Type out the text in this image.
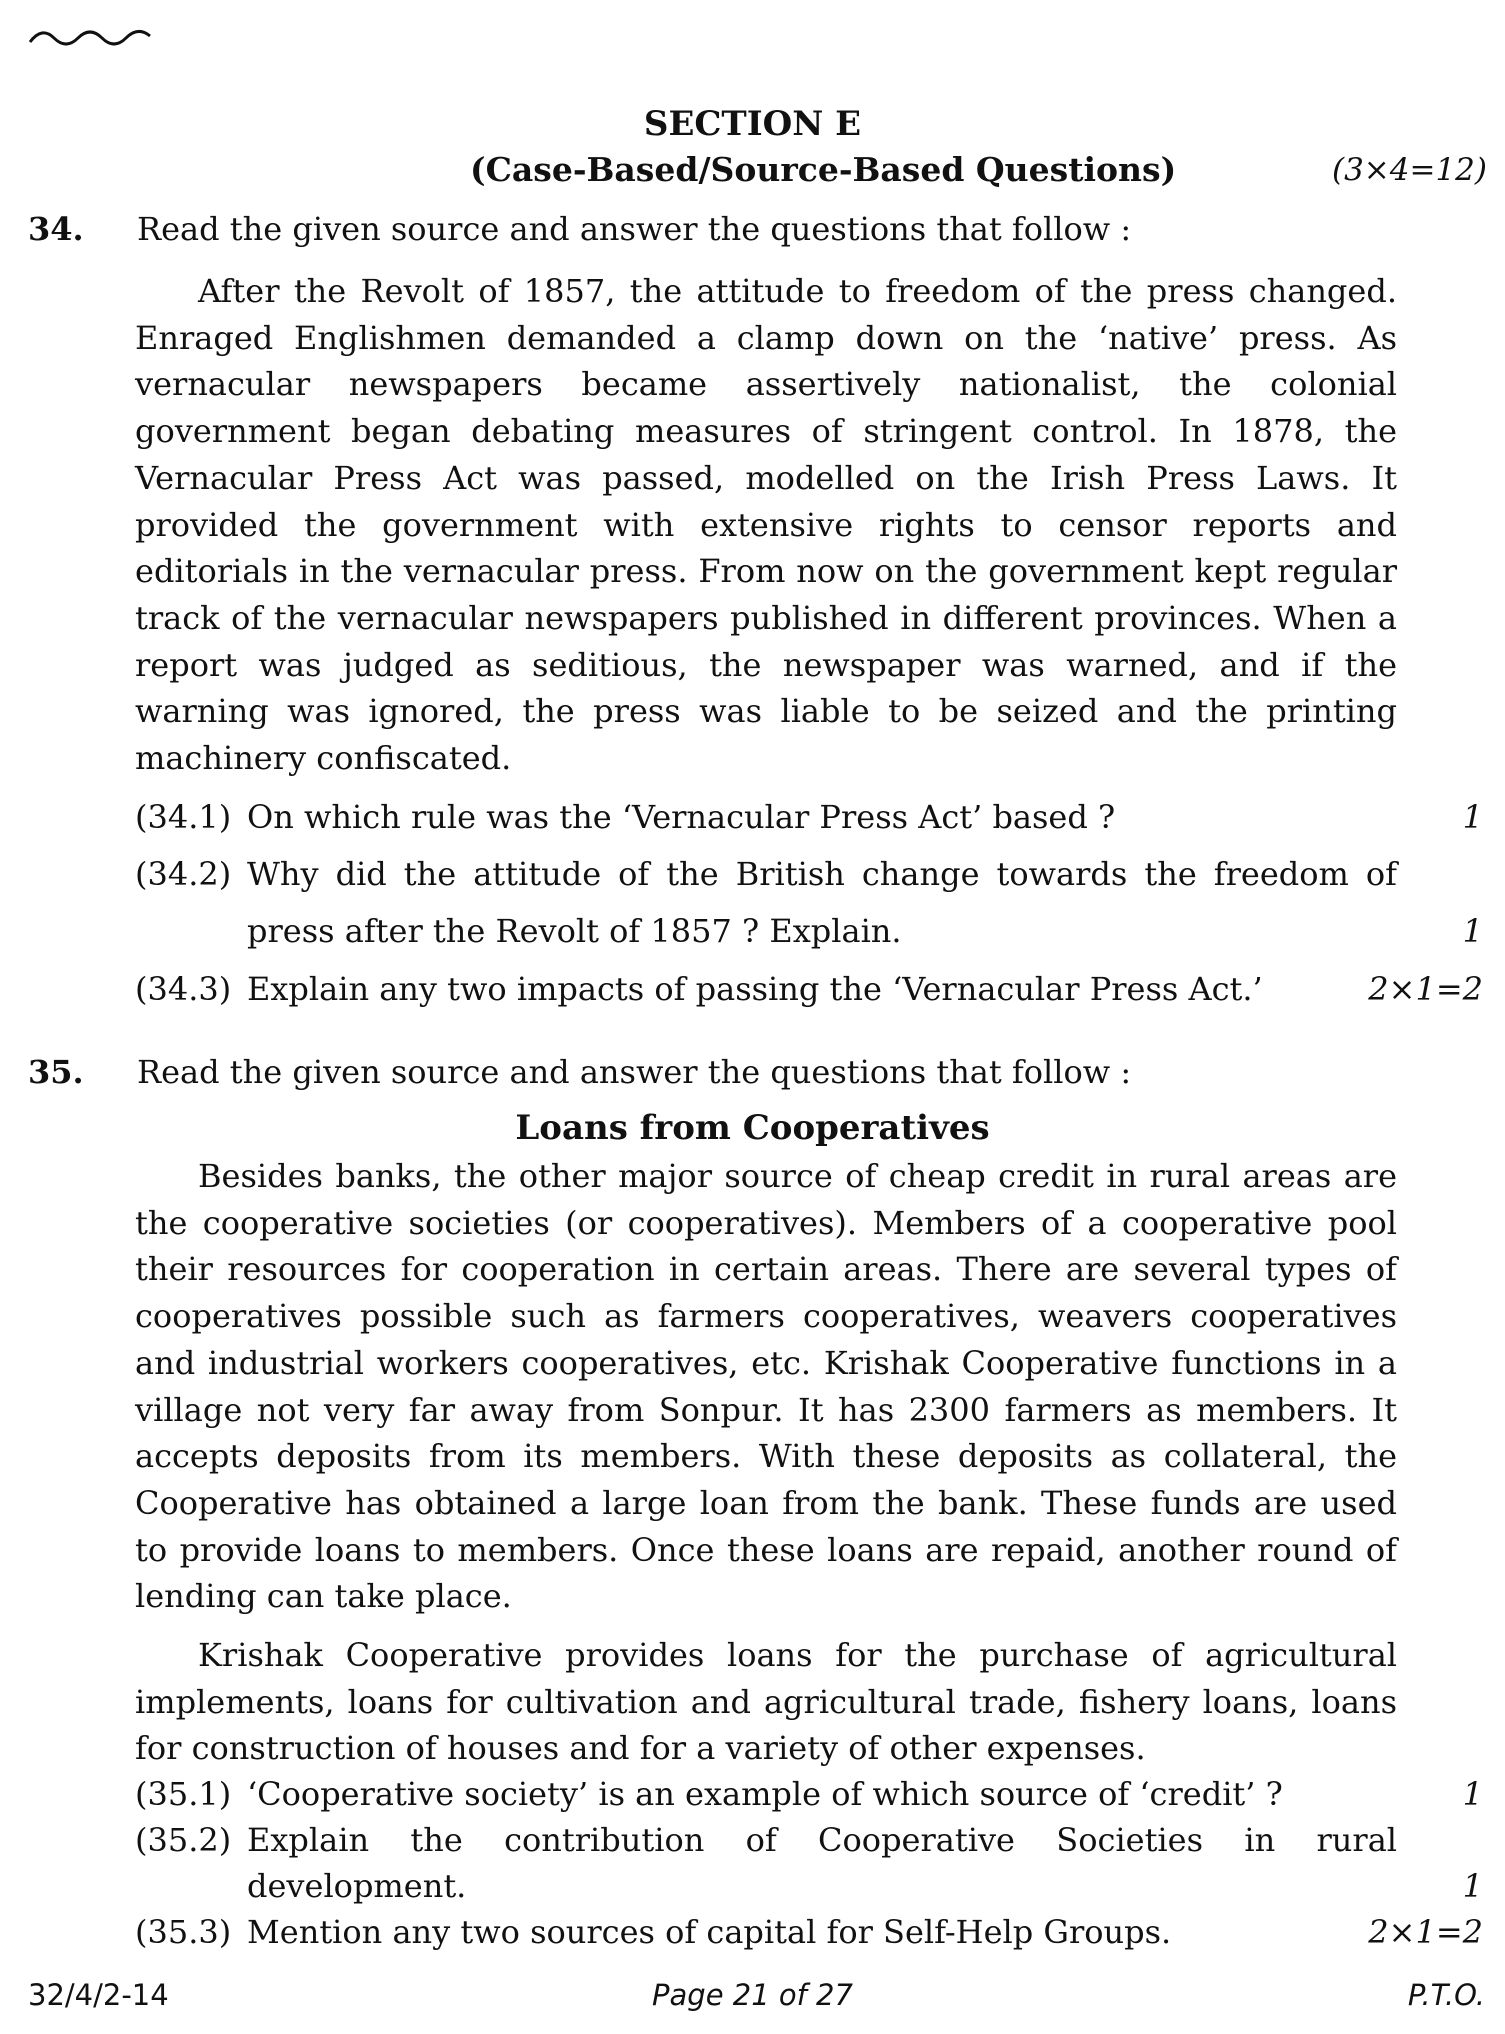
SECTION E
(Case-Based/Source-Based Questions)	(3×4=12)
34. Read the given source and answer the questions that follow :

After the Revolt of 1857, the attitude to freedom of the press changed. Enraged Englishmen demanded a clamp down on the ‘native’ press. As vernacular newspapers became assertively nationalist, the colonial government began debating measures of stringent control. In 1878, the Vernacular Press Act was passed, modelled on the Irish Press Laws. It provided the government with extensive rights to censor reports and editorials in the vernacular press. From now on the government kept regular track of the vernacular newspapers published in different provinces. When a report was judged as seditious, the newspaper was warned, and if the warning was ignored, the press was liable to be seized and the printing machinery confiscated.

(34.1) On which rule was the ‘Vernacular Press Act’ based ?	1
(34.2) Why did the attitude of the British change towards the freedom of
press after the Revolt of 1857 ? Explain.	1
(34.3) Explain any two impacts of passing the ‘Vernacular Press Act.’	2×1=2
35. Read the given source and answer the questions that follow :
Loans from Cooperatives

Besides banks, the other major source of cheap credit in rural areas are the cooperative societies (or cooperatives). Members of a cooperative pool their resources for cooperation in certain areas. There are several types of cooperatives possible such as farmers cooperatives, weavers cooperatives and industrial workers cooperatives, etc. Krishak Cooperative functions in a village not very far away from Sonpur. It has 2300 farmers as members. It accepts deposits from its members. With these deposits as collateral, the Cooperative has obtained a large loan from the bank. These funds are used to provide loans to members. Once these loans are repaid, another round of lending can take place.

Krishak Cooperative provides loans for the purchase of agricultural implements, loans for cultivation and agricultural trade, fishery loans, loans for construction of houses and for a variety of other expenses.

(35.1) ‘Cooperative society’ is an example of which source of ‘credit’ ?	1
(35.2) Explain the contribution of Cooperative Societies in rural
development.	1
(35.3) Mention any two sources of capital for Self-Help Groups.	2×1=2
32/4/2-14	Page 21 of 27	P.T.O.
